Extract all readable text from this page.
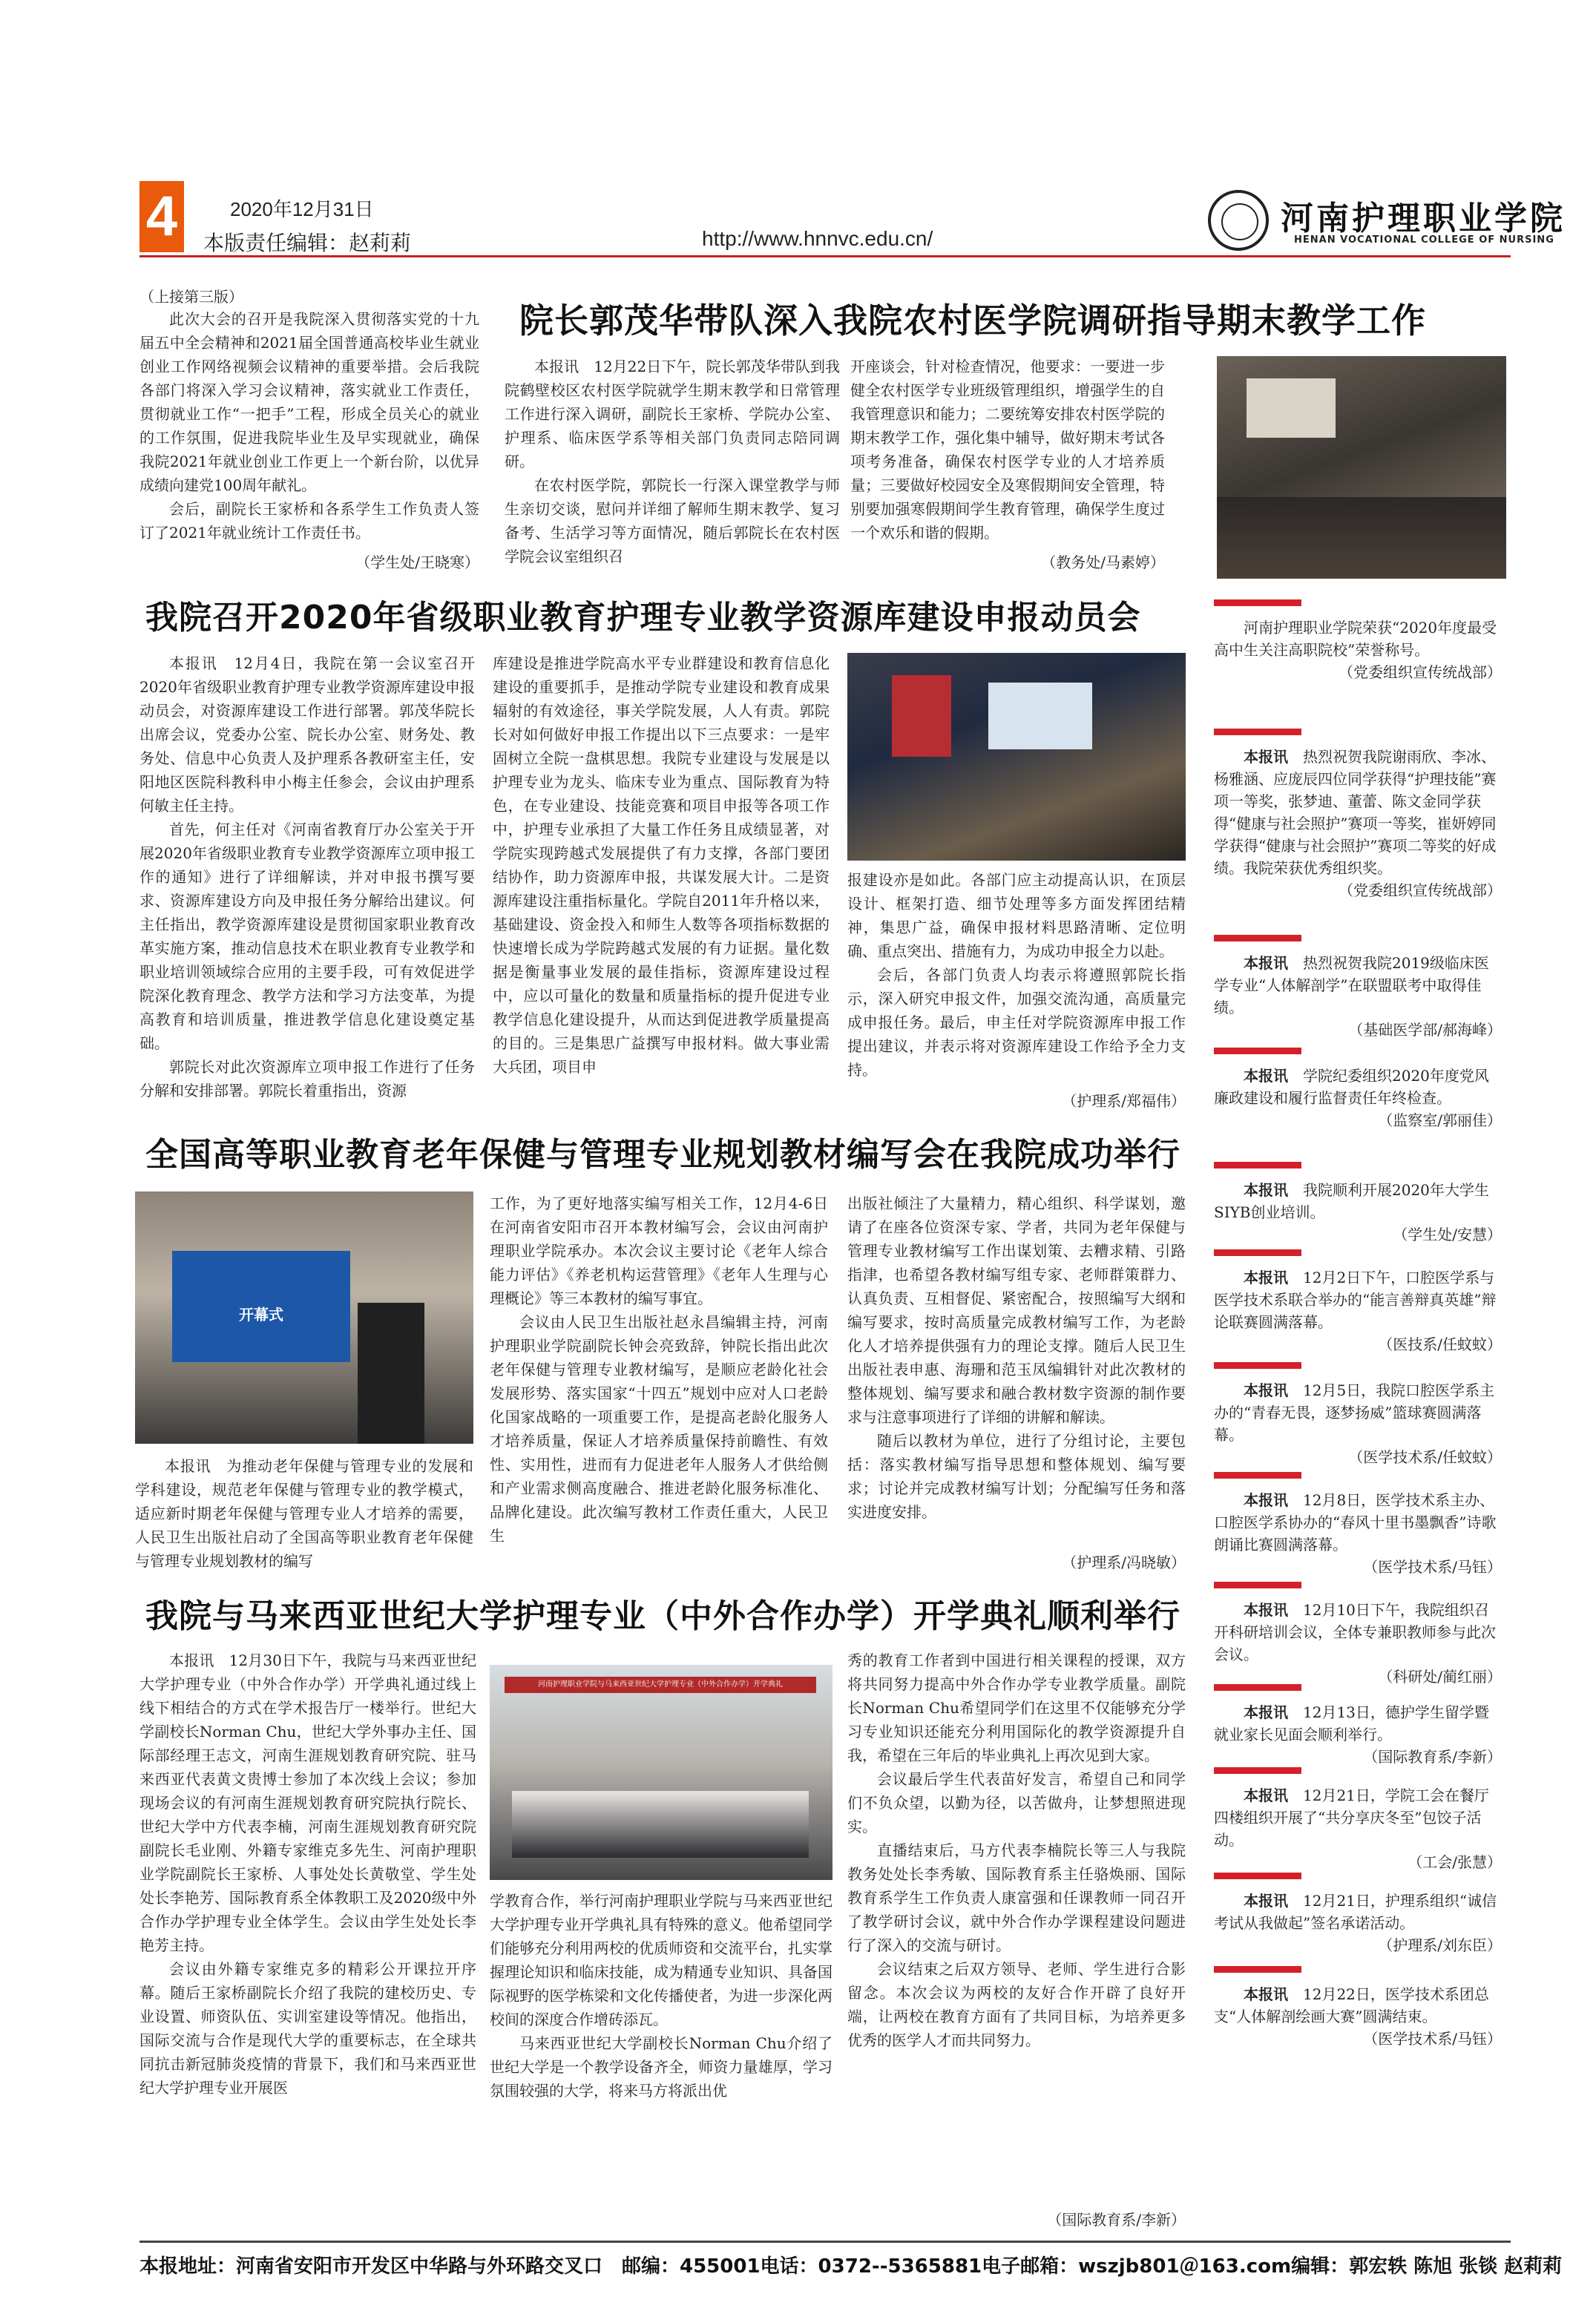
4	2020年12月31日
本版责任编辑：赵莉莉	http://www.hnnvc.edu.cn/
河南护理职业学院
HENAN VOCATIONAL COLLEGE OF NURSING
（上接第三版）

此次大会的召开是我院深入贯彻落实党的十九届五中全会精神和2021届全国普通高校毕业生就业创业工作网络视频会议精神的重要举措。会后我院各部门将深入学习会议精神，落实就业工作责任，贯彻就业工作“一把手”工程，形成全员关心的就业的工作氛围，促进我院毕业生及早实现就业，确保我院2021年就业创业工作更上一个新台阶，以优异成绩向建党100周年献礼。

会后，副院长王家桥和各系学生工作负责人签订了2021年就业统计工作责任书。

（学生处/王晓寒）
院长郭茂华带队深入我院农村医学院调研指导期末教学工作

本报讯　12月22日下午，院长郭茂华带队到我院鹤壁校区农村医学院就学生期末教学和日常管理工作进行深入调研，副院长王家桥、学院办公室、护理系、临床医学系等相关部门负责同志陪同调研。

在农村医学院，郭院长一行深入课堂教学与师生亲切交谈，慰问并详细了解师生期末教学、复习备考、生活学习等方面情况，随后郭院长在农村医学院会议室组织召

开座谈会，针对检查情况，他要求：一要进一步健全农村医学专业班级管理组织，增强学生的自我管理意识和能力；二要统筹安排农村医学院的期末教学工作，强化集中辅导，做好期末考试各项考务准备，确保农村医学专业的人才培养质量；三要做好校园安全及寒假期间安全管理，特别要加强寒假期间学生教育管理，确保学生度过一个欢乐和谐的假期。

（教务处/马素婷）
我院召开2020年省级职业教育护理专业教学资源库建设申报动员会

本报讯　12月4日，我院在第一会议室召开2020年省级职业教育护理专业教学资源库建设申报动员会，对资源库建设工作进行部署。郭茂华院长出席会议，党委办公室、院长办公室、财务处、教务处、信息中心负责人及护理系各教研室主任，安阳地区医院科教科申小梅主任参会，会议由护理系何敏主任主持。

首先，何主任对《河南省教育厅办公室关于开展2020年省级职业教育专业教学资源库立项申报工作的通知》进行了详细解读，并对申报书撰写要求、资源库建设方向及申报任务分解给出建议。何主任指出，教学资源库建设是贯彻国家职业教育改革实施方案，推动信息技术在职业教育专业教学和职业培训领域综合应用的主要手段，可有效促进学院深化教育理念、教学方法和学习方法变革，为提高教育和培训质量，推进教学信息化建设奠定基础。

郭院长对此次资源库立项申报工作进行了任务分解和安排部署。郭院长着重指出，资源

库建设是推进学院高水平专业群建设和教育信息化建设的重要抓手，是推动学院专业建设和教育成果辐射的有效途径，事关学院发展，人人有责。郭院长对如何做好申报工作提出以下三点要求：一是牢固树立全院一盘棋思想。我院专业建设与发展是以护理专业为龙头、临床专业为重点、国际教育为特色，在专业建设、技能竞赛和项目申报等各项工作中，护理专业承担了大量工作任务且成绩显著，对学院实现跨越式发展提供了有力支撑，各部门要团结协作，助力资源库申报，共谋发展大计。二是资源库建设注重指标量化。学院自2011年升格以来，基础建设、资金投入和师生人数等各项指标数据的快速增长成为学院跨越式发展的有力证据。量化数据是衡量事业发展的最佳指标，资源库建设过程中，应以可量化的数量和质量指标的提升促进专业教学信息化建设提升，从而达到促进教学质量提高的目的。三是集思广益撰写申报材料。做大事业需大兵团，项目申

报建设亦是如此。各部门应主动提高认识，在顶层设计、框架打造、细节处理等多方面发挥团结精神，集思广益，确保申报材料思路清晰、定位明确、重点突出、措施有力，为成功申报全力以赴。

会后，各部门负责人均表示将遵照郭院长指示，深入研究申报文件，加强交流沟通，高质量完成申报任务。最后，申主任对学院资源库申报工作提出建议，并表示将对资源库建设工作给予全力支持。

（护理系/郑福伟）
全国高等职业教育老年保健与管理专业规划教材编写会在我院成功举行
开幕式

本报讯　为推动老年保健与管理专业的发展和学科建设，规范老年保健与管理专业的教学模式，适应新时期老年保健与管理专业人才培养的需要，人民卫生出版社启动了全国高等职业教育老年保健与管理专业规划教材的编写

工作，为了更好地落实编写相关工作，12月4-6日在河南省安阳市召开本教材编写会，会议由河南护理职业学院承办。本次会议主要讨论《老年人综合能力评估》《养老机构运营管理》《老年人生理与心理概论》等三本教材的编写事宜。

会议由人民卫生出版社赵永昌编辑主持，河南护理职业学院副院长钟会亮致辞，钟院长指出此次老年保健与管理专业教材编写，是顺应老龄化社会发展形势、落实国家“十四五”规划中应对人口老龄化国家战略的一项重要工作，是提高老龄化服务人才培养质量，保证人才培养质量保持前瞻性、有效性、实用性，进而有力促进老年人服务人才供给侧和产业需求侧高度融合、推进老龄化服务标准化、品牌化建设。此次编写教材工作责任重大，人民卫生

出版社倾注了大量精力，精心组织、科学谋划，邀请了在座各位资深专家、学者，共同为老年保健与管理专业教材编写工作出谋划策、去糟求精、引路指津，也希望各教材编写组专家、老师群策群力、认真负责、互相督促、紧密配合，按照编写大纲和编写要求，按时高质量完成教材编写工作，为老龄化人才培养提供强有力的理论支撑。随后人民卫生出版社表申惠、海珊和范玉凤编辑针对此次教材的整体规划、编写要求和融合教材数字资源的制作要求与注意事项进行了详细的讲解和解读。

随后以教材为单位，进行了分组讨论，主要包括：落实教材编写指导思想和整体规划、编写要求；讨论并完成教材编写计划；分配编写任务和落实进度安排。

（护理系/冯晓敏）
我院与马来西亚世纪大学护理专业（中外合作办学）开学典礼顺利举行

本报讯　12月30日下午，我院与马来西亚世纪大学护理专业（中外合作办学）开学典礼通过线上线下相结合的方式在学术报告厅一楼举行。世纪大学副校长Norman Chu，世纪大学外事办主任、国际部经理王志文，河南生涯规划教育研究院、驻马来西亚代表黄文贵博士参加了本次线上会议；参加现场会议的有河南生涯规划教育研究院执行院长、世纪大学中方代表李楠，河南生涯规划教育研究院副院长毛业刚、外籍专家维克多先生、河南护理职业学院副院长王家桥、人事处处长黄敬堂、学生处处长李艳芳、国际教育系全体教职工及2020级中外合作办学护理专业全体学生。会议由学生处处长李艳芳主持。

会议由外籍专家维克多的精彩公开课拉开序幕。随后王家桥副院长介绍了我院的建校历史、专业设置、师资队伍、实训室建设等情况。他指出，国际交流与合作是现代大学的重要标志，在全球共同抗击新冠肺炎疫情的背景下，我们和马来西亚世纪大学护理专业开展医

河南护理职业学院与马来西亚世纪大学护理专业（中外合作办学）开学典礼

学教育合作，举行河南护理职业学院与马来西亚世纪大学护理专业开学典礼具有特殊的意义。他希望同学们能够充分利用两校的优质师资和交流平台，扎实掌握理论知识和临床技能，成为精通专业知识、具备国际视野的医学栋梁和文化传播使者，为进一步深化两校间的深度合作增砖添瓦。

马来西亚世纪大学副校长Norman Chu介绍了世纪大学是一个教学设备齐全，师资力量雄厚，学习氛围较强的大学，将来马方将派出优

秀的教育工作者到中国进行相关课程的授课，双方将共同努力提高中外合作办学专业教学质量。副院长Norman Chu希望同学们在这里不仅能够充分学习专业知识还能充分利用国际化的教学资源提升自我，希望在三年后的毕业典礼上再次见到大家。

会议最后学生代表苗好发言，希望自己和同学们不负众望，以勤为径，以苦做舟，让梦想照进现实。

直播结束后，马方代表李楠院长等三人与我院教务处处长李秀敏、国际教育系主任骆焕丽、国际教育系学生工作负责人康富强和任课教师一同召开了教学研讨会议，就中外合作办学课程建设问题进行了深入的交流与研讨。

会议结束之后双方领导、老师、学生进行合影留念。本次会议为两校的友好合作开辟了良好开端，让两校在教育方面有了共同目标，为培养更多优秀的医学人才而共同努力。

（国际教育系/李新）
河南护理职业学院荣获“2020年度最受高中生关注高职院校”荣誉称号。
（党委组织宣传统战部）
本报讯　 热烈祝贺我院谢雨欣、李冰、杨雅涵、应庞辰四位同学获得“护理技能”赛项一等奖，张梦迪、董蕾、陈文金同学获得“健康与社会照护”赛项一等奖，崔妍婷同学获得“健康与社会照护”赛项二等奖的好成绩。我院荣获优秀组织奖。
（党委组织宣传统战部）
本报讯　 热烈祝贺我院2019级临床医学专业“人体解剖学”在联盟联考中取得佳绩。
（基础医学部/郝海峰）
本报讯　 学院纪委组织2020年度党风廉政建设和履行监督责任年终检查。
（监察室/郭丽佳）
本报讯　 我院顺利开展2020年大学生SIYB创业培训。
（学生处/安慧）
本报讯　 12月2日下午，口腔医学系与医学技术系联合举办的“能言善辩真英雄”辩论联赛圆满落幕。
（医技系/任蚊蚊）
本报讯　 12月5日，我院口腔医学系主办的“青春无畏，逐梦扬威”篮球赛圆满落幕。
（医学技术系/任蚊蚊）
本报讯　 12月8日，医学技术系主办、口腔医学系协办的“春风十里书墨飘香”诗歌朗诵比赛圆满落幕。
（医学技术系/马钰）
本报讯　 12月10日下午，我院组织召开科研培训会议，全体专兼职教师参与此次会议。
（科研处/蔺红丽）
本报讯　 12月13日，德护学生留学暨就业家长见面会顺利举行。
（国际教育系/李新）
本报讯　 12月21日，学院工会在餐厅四楼组织开展了“共分享庆冬至”包饺子活动。
（工会/张慧）
本报讯　 12月21日，护理系组织“诚信考试从我做起”签名承诺活动。
（护理系/刘东臣）
本报讯　 12月22日，医学技术系团总支“人体解剖绘画大赛”圆满结束。
（医学技术系/马钰）
本报地址：河南省安阳市开发区中华路与外环路交叉口　邮编：455001电话：0372--5365881电子邮箱：wszjb801＠163.com编辑：郭宏轶 陈旭 张锬 赵莉莉
